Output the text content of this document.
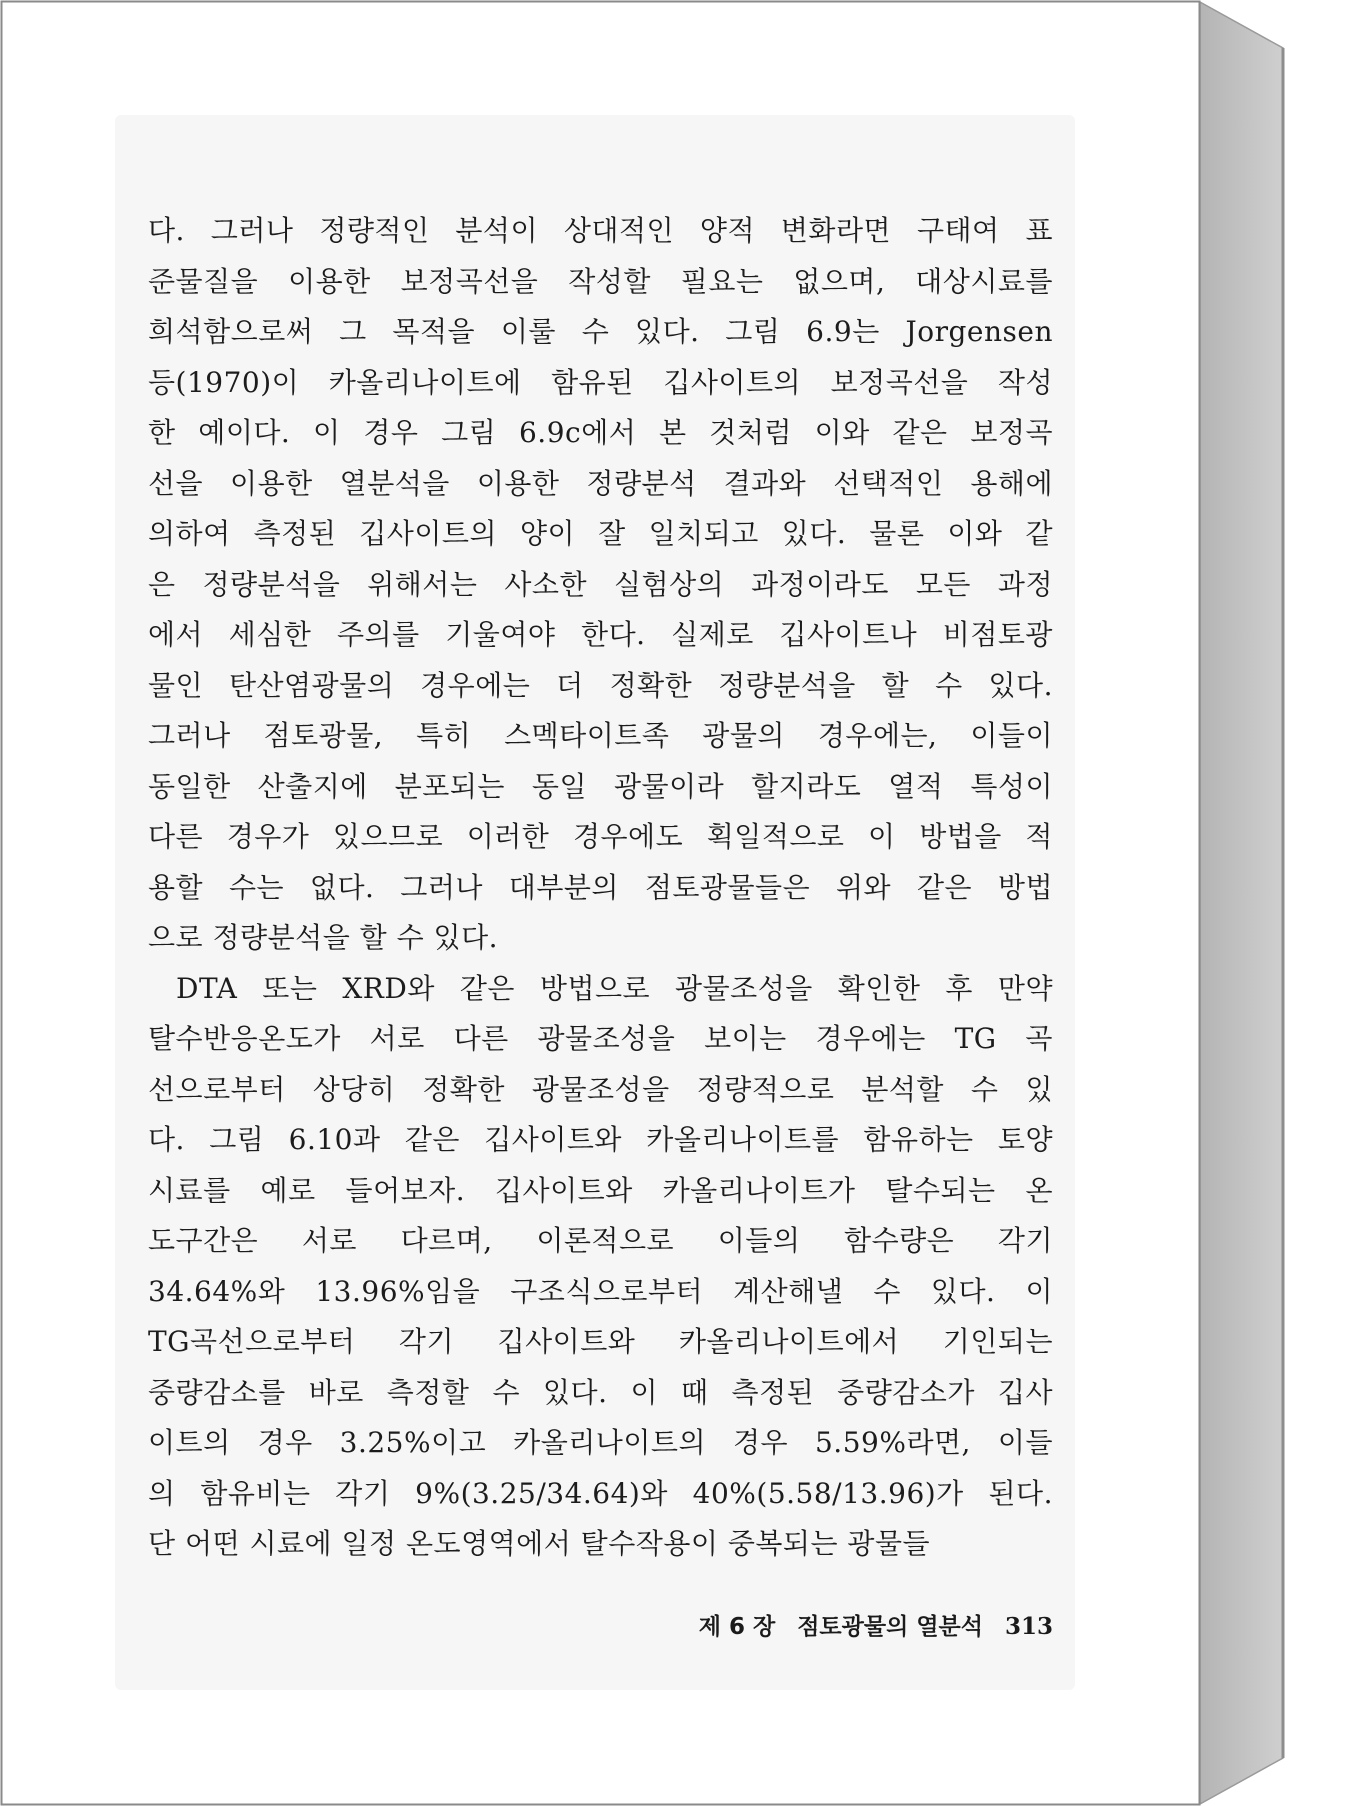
다. 그러나 정량적인 분석이 상대적인 양적 변화라면 구태여 표
준물질을 이용한 보정곡선을 작성할 필요는 없으며, 대상시료를
희석함으로써 그 목적을 이룰 수 있다. 그림 6.9는 Jorgensen
등(1970)이 카올리나이트에 함유된 깁사이트의 보정곡선을 작성
한 예이다. 이 경우 그림 6.9c에서 본 것처럼 이와 같은 보정곡
선을 이용한 열분석을 이용한 정량분석 결과와 선택적인 용해에
의하여 측정된 깁사이트의 양이 잘 일치되고 있다. 물론 이와 같
은 정량분석을 위해서는 사소한 실험상의 과정이라도 모든 과정
에서 세심한 주의를 기울여야 한다. 실제로 깁사이트나 비점토광
물인 탄산염광물의 경우에는 더 정확한 정량분석을 할 수 있다.
그러나 점토광물, 특히 스멕타이트족 광물의 경우에는, 이들이
동일한 산출지에 분포되는 동일 광물이라 할지라도 열적 특성이
다른 경우가 있으므로 이러한 경우에도 획일적으로 이 방법을 적
용할 수는 없다. 그러나 대부분의 점토광물들은 위와 같은 방법
으로 정량분석을 할 수 있다.
DTA 또는 XRD와 같은 방법으로 광물조성을 확인한 후 만약
탈수반응온도가 서로 다른 광물조성을 보이는 경우에는 TG 곡
선으로부터 상당히 정확한 광물조성을 정량적으로 분석할 수 있
다. 그림 6.10과 같은 깁사이트와 카올리나이트를 함유하는 토양
시료를 예로 들어보자. 깁사이트와 카올리나이트가 탈수되는 온
도구간은 서로 다르며, 이론적으로 이들의 함수량은 각기
34.64%와 13.96%임을 구조식으로부터 계산해낼 수 있다. 이
TG곡선으로부터 각기 깁사이트와 카올리나이트에서 기인되는
중량감소를 바로 측정할 수 있다. 이 때 측정된 중량감소가 깁사
이트의 경우 3.25%이고 카올리나이트의 경우 5.59%라면, 이들
의 함유비는 각기 9%(3.25/34.64)와 40%(5.58/13.96)가 된다.
단 어떤 시료에 일정 온도영역에서 탈수작용이 중복되는 광물들
제 6 장 점토광물의 열분석 313
